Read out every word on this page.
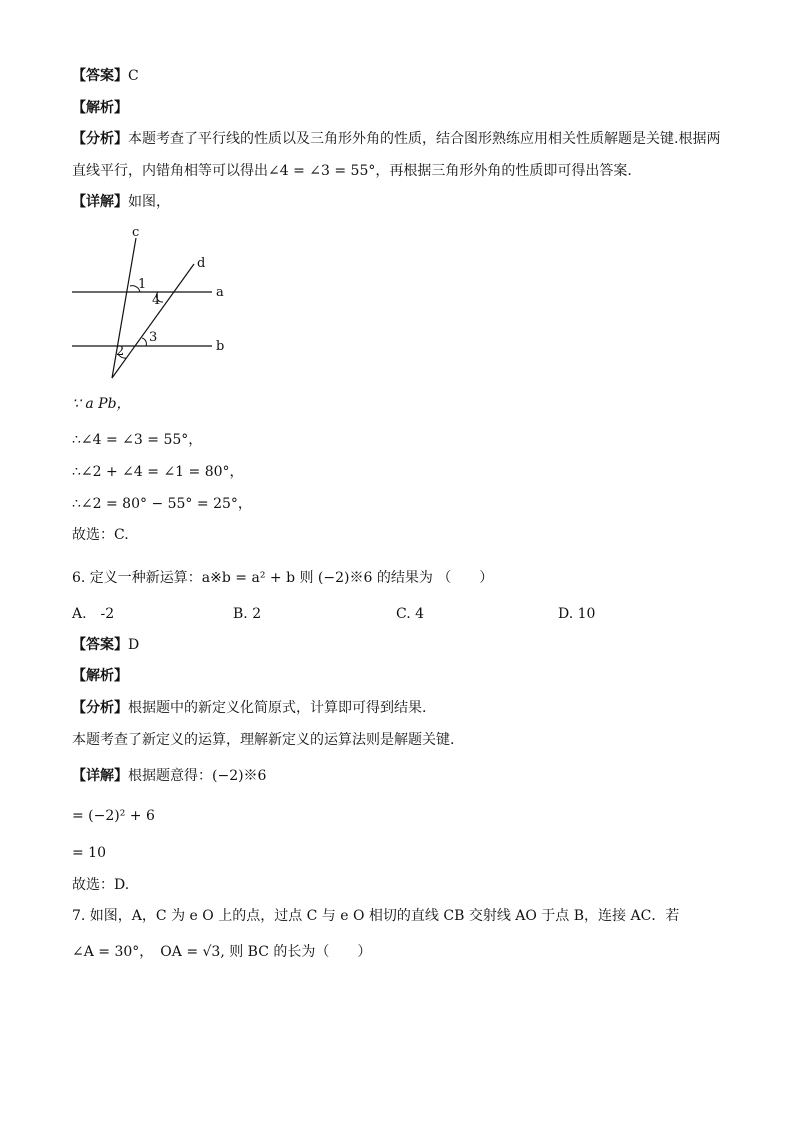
【答案】C
【解析】
【分析】本题考查了平行线的性质以及三角形外角的性质，结合图形熟练应用相关性质解题是关键.根据两
直线平行，内错角相等可以得出∠4 = ∠3 = 55°，再根据三角形外角的性质即可得出答案.
【详解】如图，
c
d
a
b
1
4
3
2
∵ a Pb，
∴∠4 = ∠3 = 55°，
∴∠2 + ∠4 = ∠1 = 80°，
∴∠2 = 80° − 55° = 25°，
故选：C.
6. 定义一种新运算：a※b = a² + b 则 (−2)※6 的结果为 （　　）
A.　-2	B. 2	C. 4	D. 10
【答案】D
【解析】
【分析】根据题中的新定义化简原式，计算即可得到结果.
本题考查了新定义的运算，理解新定义的运算法则是解题关键.
【详解】根据题意得：(−2)※6
= (−2)² + 6
= 10
故选：D.
7. 如图，A，C 为 e O 上的点，过点 C 与 e O 相切的直线 CB 交射线 AO 于点 B，连接 AC．若
∠A = 30°，　OA = √3, 则 BC 的长为（　　）
